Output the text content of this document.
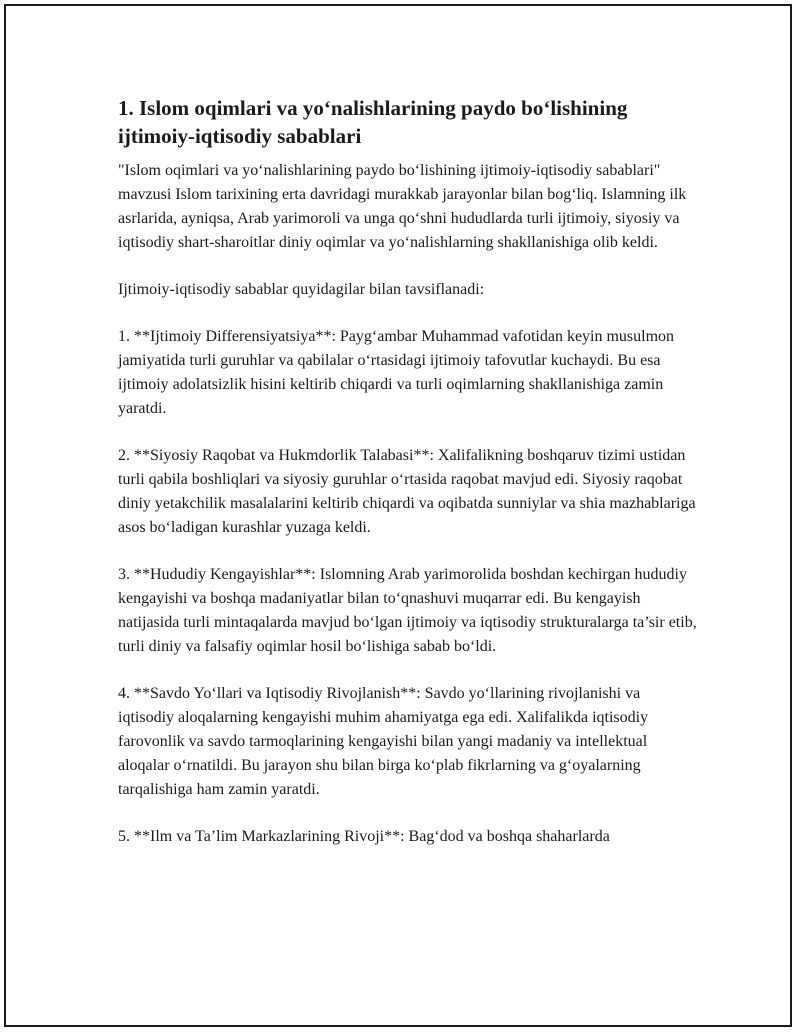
1. Islom oqimlari va yo‘nalishlarining paydo bo‘lishining ijtimoiy-iqtisodiy sabablari

"Islom oqimlari va yo‘nalishlarining paydo bo‘lishining ijtimoiy-iqtisodiy sabablari" mavzusi Islom tarixining erta davridagi murakkab jarayonlar bilan bog‘liq. Islamning ilk asrlarida, ayniqsa, Arab yarimoroli va unga qo‘shni hududlarda turli ijtimoiy, siyosiy va iqtisodiy shart-sharoitlar diniy oqimlar va yo‘nalishlarning shakllanishiga olib keldi.

Ijtimoiy-iqtisodiy sabablar quyidagilar bilan tavsiflanadi:

1. **Ijtimoiy Differensiyatsiya**: Payg‘ambar Muhammad vafotidan keyin musulmon jamiyatida turli guruhlar va qabilalar o‘rtasidagi ijtimoiy tafovutlar kuchaydi. Bu esa ijtimoiy adolatsizlik hisini keltirib chiqardi va turli oqimlarning shakllanishiga zamin yaratdi.

2. **Siyosiy Raqobat va Hukmdorlik Talabasi**: Xalifalikning boshqaruv tizimi ustidan turli qabila boshliqlari va siyosiy guruhlar o‘rtasida raqobat mavjud edi. Siyosiy raqobat diniy yetakchilik masalalarini keltirib chiqardi va oqibatda sunniylar va shia mazhablariga asos bo‘ladigan kurashlar yuzaga keldi.

3. **Hududiy Kengayishlar**: Islomning Arab yarimorolida boshdan kechirgan hududiy kengayishi va boshqa madaniyatlar bilan to‘qnashuvi muqarrar edi. Bu kengayish natijasida turli mintaqalarda mavjud bo‘lgan ijtimoiy va iqtisodiy strukturalarga ta’sir etib, turli diniy va falsafiy oqimlar hosil bo‘lishiga sabab bo‘ldi.

4. **Savdo Yo‘llari va Iqtisodiy Rivojlanish**: Savdo yo‘llarining rivojlanishi va iqtisodiy aloqalarning kengayishi muhim ahamiyatga ega edi. Xalifalikda iqtisodiy farovonlik va savdo tarmoqlarining kengayishi bilan yangi madaniy va intellektual aloqalar o‘rnatildi. Bu jarayon shu bilan birga ko‘plab fikrlarning va g‘oyalarning tarqalishiga ham zamin yaratdi.

5. **Ilm va Ta’lim Markazlarining Rivoji**: Bag‘dod va boshqa shaharlarda
